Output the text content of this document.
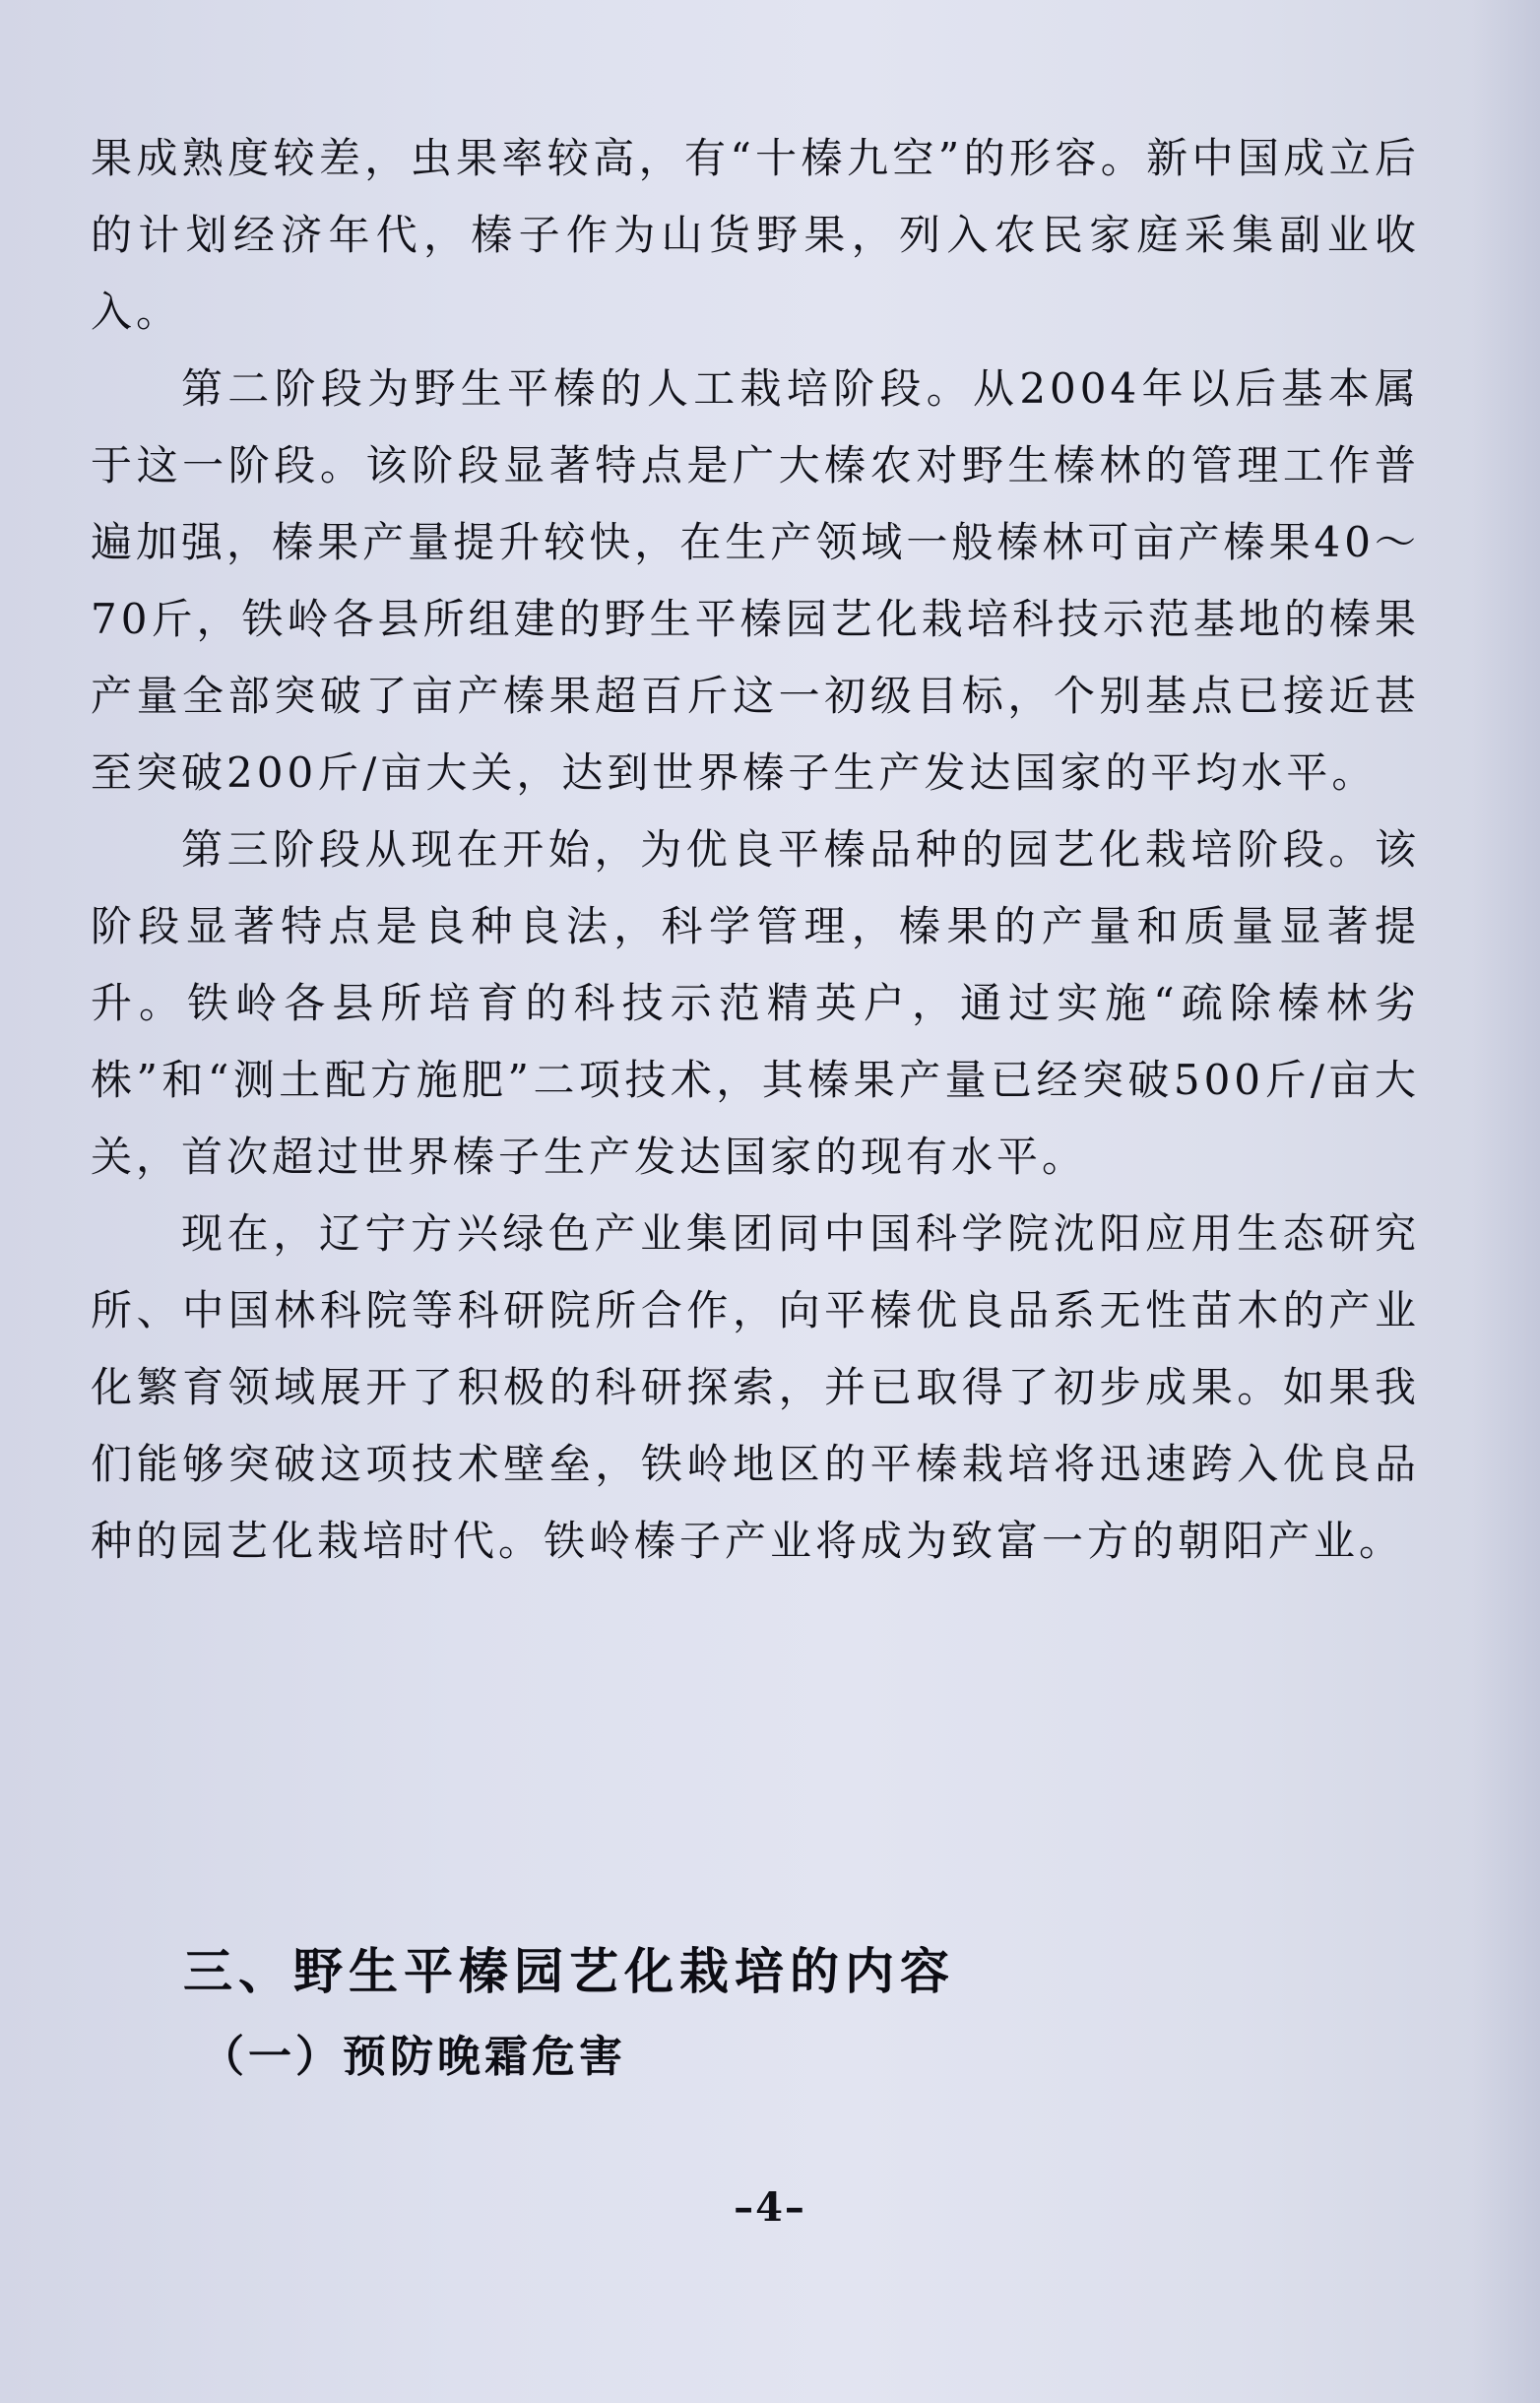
果成熟度较差，虫果率较高，有“十榛九空”的形容。新中国成立后的计划经济年代，榛子作为山货野果，列入农民家庭采集副业收入。

第二阶段为野生平榛的人工栽培阶段。从2004年以后基本属于这一阶段。该阶段显著特点是广大榛农对野生榛林的管理工作普遍加强，榛果产量提升较快，在生产领域一般榛林可亩产榛果40～70斤，铁岭各县所组建的野生平榛园艺化栽培科技示范基地的榛果产量全部突破了亩产榛果超百斤这一初级目标，个别基点已接近甚至突破200斤/亩大关，达到世界榛子生产发达国家的平均水平。

第三阶段从现在开始，为优良平榛品种的园艺化栽培阶段。该阶段显著特点是良种良法，科学管理，榛果的产量和质量显著提升。铁岭各县所培育的科技示范精英户，通过实施“疏除榛林劣株”和“测土配方施肥”二项技术，其榛果产量已经突破500斤/亩大关，首次超过世界榛子生产发达国家的现有水平。

现在，辽宁方兴绿色产业集团同中国科学院沈阳应用生态研究所、中国林科院等科研院所合作，向平榛优良品系无性苗木的产业化繁育领域展开了积极的科研探索，并已取得了初步成果。如果我们能够突破这项技术壁垒，铁岭地区的平榛栽培将迅速跨入优良品种的园艺化栽培时代。铁岭榛子产业将成为致富一方的朝阳产业。

三、野生平榛园艺化栽培的内容
（一）预防晚霜危害

–4–
